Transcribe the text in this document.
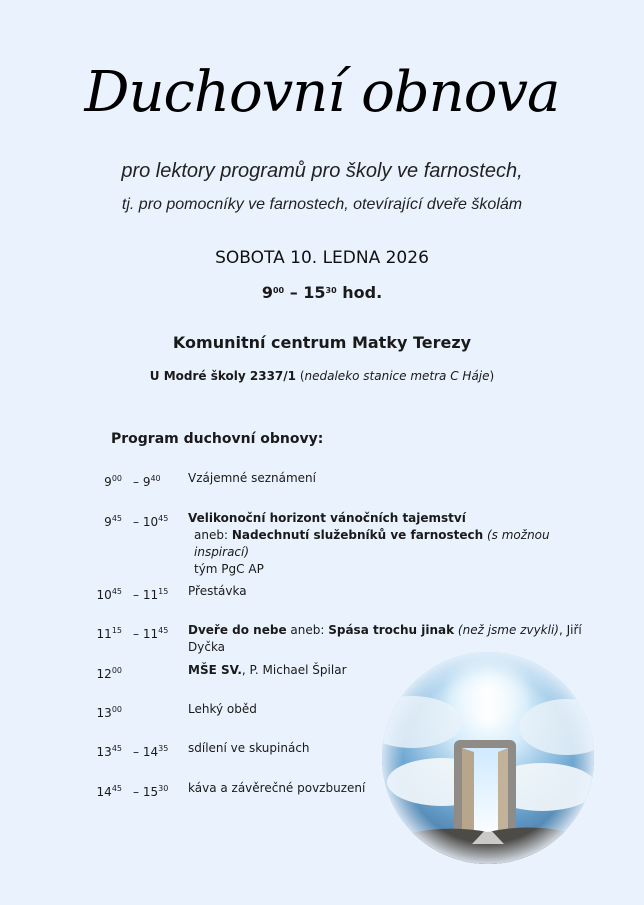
Duchovní obnova
pro lektory programů pro školy ve farnostech,
tj. pro pomocníky ve farnostech, otevírající dveře školám
SOBOTA 10. LEDNA 2026
$9^{00} - 15^{30}$ hod.
Komunitní centrum Matky Terezy
U Modré školy 2337/1 (nedaleko stanice metra C Háje)
Program duchovní obnovy:
$9^{00} - 9^{40}$ Vzájemné seznámení
$9^{45} - 10^{45}$ Velikonoční horizont vánočních tajemství
aneb: Nadechnutí služebníků ve farnostech (s možnou inspirací)
tým PgC AP
$10^{45} - 11^{15}$ Přestávka
$11^{15} - 11^{45}$ Dveře do nebe aneb: Spása trochu jinak (než jsme zvykli), Jiří Dyčka
$12^{00}$	MŠE SV., P. Michael Špilar
$13^{00}$	Lehký oběd
$13^{45} - 14^{35}$ sdílení ve skupinách
$14^{45} - 15^{30}$ káva a závěrečné povzbuzení
